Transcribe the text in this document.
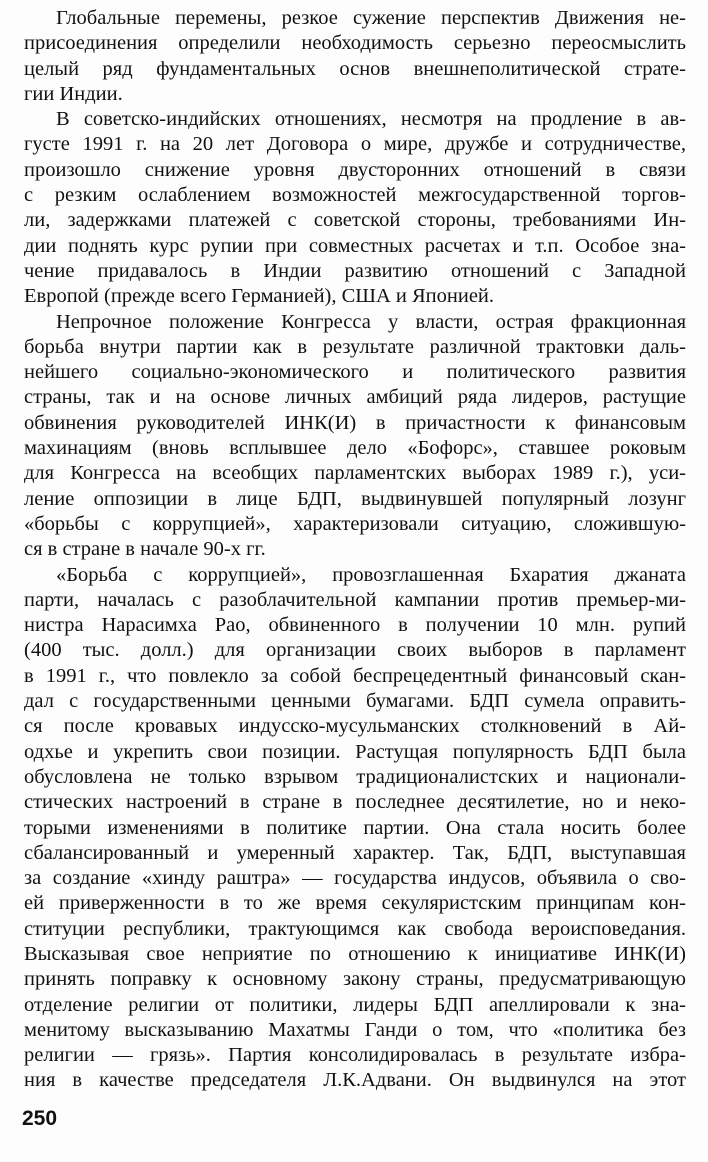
Глобальные перемены, резкое сужение перспектив Движения не-
присоединения определили необходимость серьезно переосмыслить
целый ряд фундаментальных основ внешнеполитической страте-
гии Индии.
В советско-индийских отношениях, несмотря на продление в ав-
густе 1991 г. на 20 лет Договора о мире, дружбе и сотрудничестве,
произошло снижение уровня двусторонних отношений в связи
с резким ослаблением возможностей межгосударственной торгов-
ли, задержками платежей с советской стороны, требованиями Ин-
дии поднять курс рупии при совместных расчетах и т.п. Особое зна-
чение придавалось в Индии развитию отношений с Западной
Европой (прежде всего Германией), США и Японией.
Непрочное положение Конгресса у власти, острая фракционная
борьба внутри партии как в результате различной трактовки даль-
нейшего социально-экономического и политического развития
страны, так и на основе личных амбиций ряда лидеров, растущие
обвинения руководителей ИНК(И) в причастности к финансовым
махинациям (вновь всплывшее дело «Бофорс», ставшее роковым
для Конгресса на всеобщих парламентских выборах 1989 г.), уси-
ление оппозиции в лице БДП, выдвинувшей популярный лозунг
«борьбы с коррупцией», характеризовали ситуацию, сложившую-
ся в стране в начале 90-х гг.
«Борьба с коррупцией», провозглашенная Бхаратия джаната
парти, началась с разоблачительной кампании против премьер-ми-
нистра Нарасимха Рао, обвиненного в получении 10 млн. рупий
(400 тыс. долл.) для организации своих выборов в парламент
в 1991 г., что повлекло за собой беспрецедентный финансовый скан-
дал с государственными ценными бумагами. БДП сумела оправить-
ся после кровавых индусско-мусульманских столкновений в Ай-
одхье и укрепить свои позиции. Растущая популярность БДП была
обусловлена не только взрывом традиционалистских и национали-
стических настроений в стране в последнее десятилетие, но и неко-
торыми изменениями в политике партии. Она стала носить более
сбалансированный и умеренный характер. Так, БДП, выступавшая
за создание «хинду раштра» — государства индусов, объявила о сво-
ей приверженности в то же время секуляристским принципам кон-
ституции республики, трактующимся как свобода вероисповедания.
Высказывая свое неприятие по отношению к инициативе ИНК(И)
принять поправку к основному закону страны, предусматривающую
отделение религии от политики, лидеры БДП апеллировали к зна-
менитому высказыванию Махатмы Ганди о том, что «политика без
религии — грязь». Партия консолидировалась в результате избра-
ния в качестве председателя Л.К.Адвани. Он выдвинулся на этот
250
